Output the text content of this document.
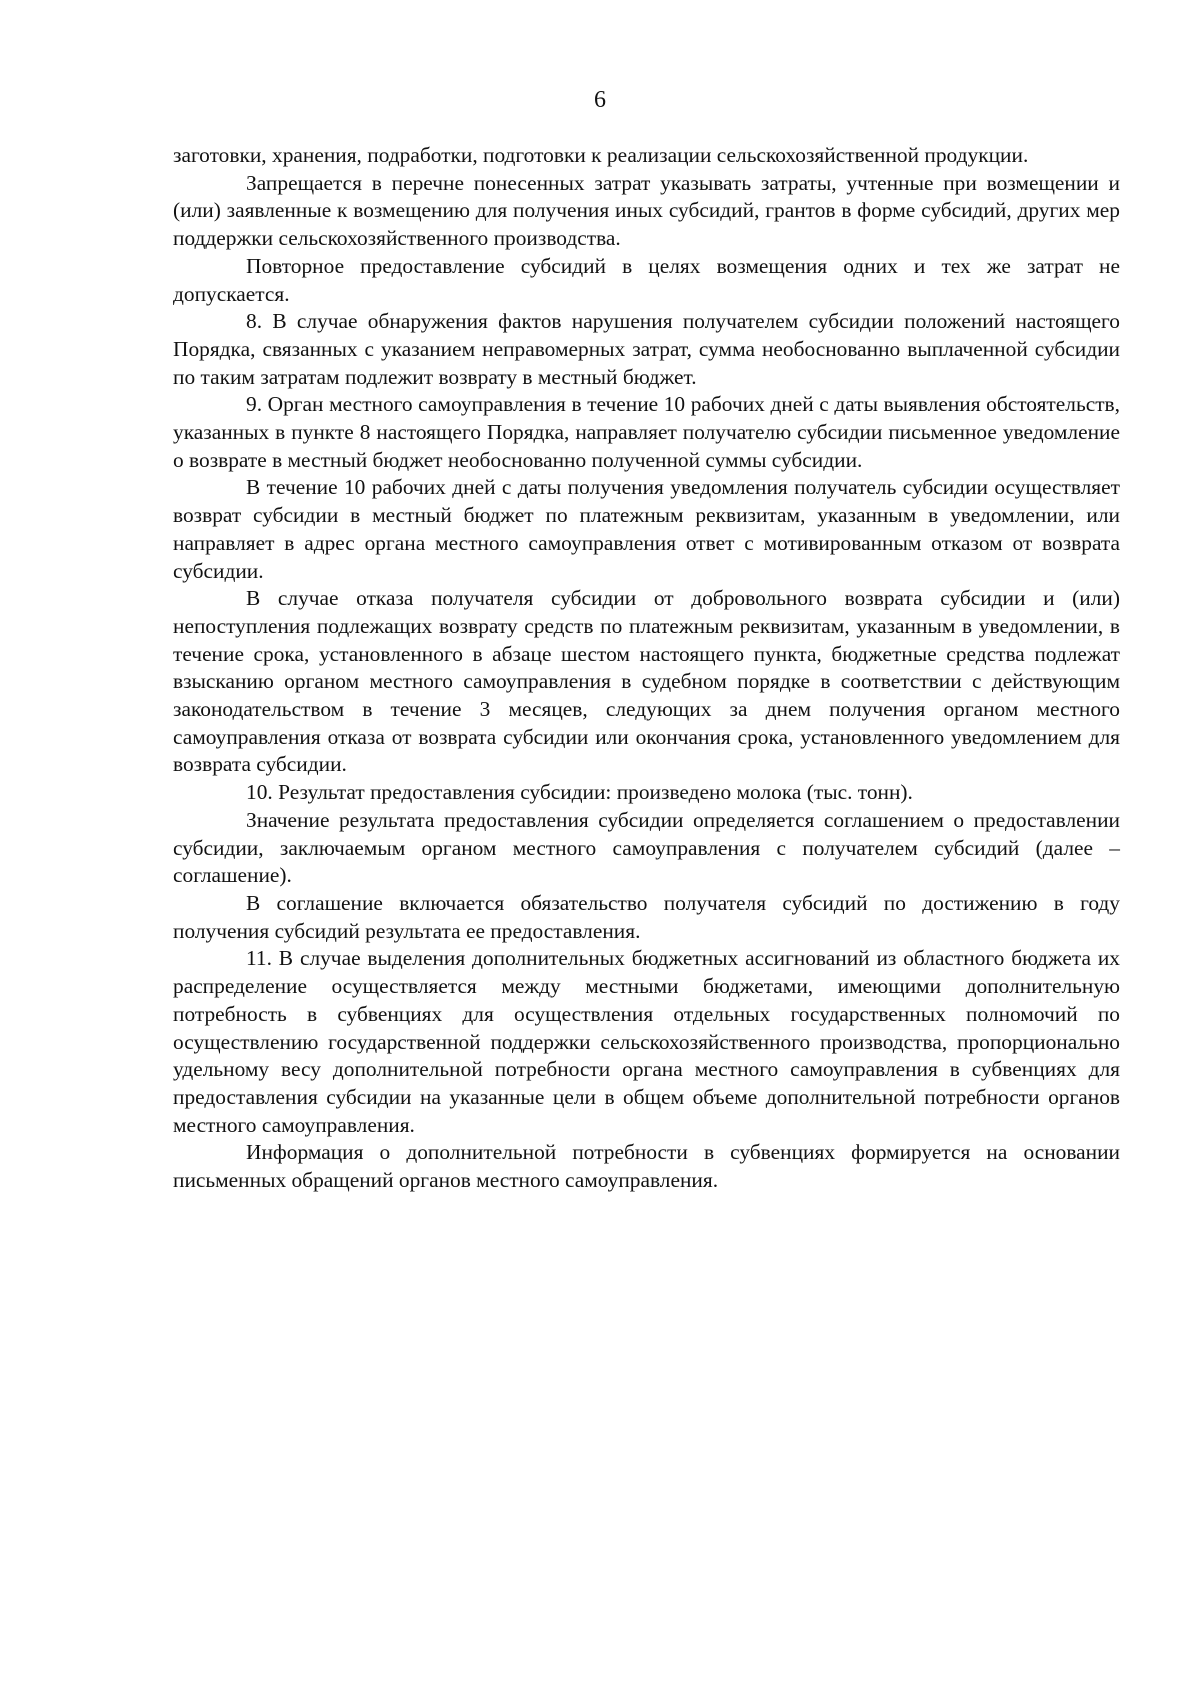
6

заготовки, хранения, подработки, подготовки к реализации сельскохозяйственной продукции.

Запрещается в перечне понесенных затрат указывать затраты, учтенные при возмещении и (или) заявленные к возмещению для получения иных субсидий, грантов в форме субсидий, других мер поддержки сельскохозяйственного производства.

Повторное предоставление субсидий в целях возмещения одних и тех же затрат не допускается.

8. В случае обнаружения фактов нарушения получателем субсидии положений настоящего Порядка, связанных с указанием неправомерных затрат, сумма необоснованно выплаченной субсидии по таким затратам подлежит возврату в местный бюджет.

9. Орган местного самоуправления в течение 10 рабочих дней с даты выявления обстоятельств, указанных в пункте 8 настоящего Порядка, направляет получателю субсидии письменное уведомление о возврате в местный бюджет необоснованно полученной суммы субсидии.

В течение 10 рабочих дней с даты получения уведомления получатель субсидии осуществляет возврат субсидии в местный бюджет по платежным реквизитам, указанным в уведомлении, или направляет в адрес органа местного самоуправления ответ с мотивированным отказом от возврата субсидии.

В случае отказа получателя субсидии от добровольного возврата субсидии и (или) непоступления подлежащих возврату средств по платежным реквизитам, указанным в уведомлении, в течение срока, установленного в абзаце шестом настоящего пункта, бюджетные средства подлежат взысканию органом местного самоуправления в судебном порядке в соответствии с действующим законодательством в течение 3 месяцев, следующих за днем получения органом местного самоуправления отказа от возврата субсидии или окончания срока, установленного уведомлением для возврата субсидии.

10. Результат предоставления субсидии: произведено молока (тыс. тонн).

Значение результата предоставления субсидии определяется соглашением о предоставлении субсидии, заключаемым органом местного самоуправления с получателем субсидий (далее – соглашение).

В соглашение включается обязательство получателя субсидий по достижению в году получения субсидий результата ее предоставления.

11. В случае выделения дополнительных бюджетных ассигнований из областного бюджета их распределение осуществляется между местными бюджетами, имеющими дополнительную потребность в субвенциях для осуществления отдельных государственных полномочий по осуществлению государственной поддержки сельскохозяйственного производства, пропорционально удельному весу дополнительной потребности органа местного самоуправления в субвенциях для предоставления субсидии на указанные цели в общем объеме дополнительной потребности органов местного самоуправления.

Информация о дополнительной потребности в субвенциях формируется на основании письменных обращений органов местного самоуправления.
